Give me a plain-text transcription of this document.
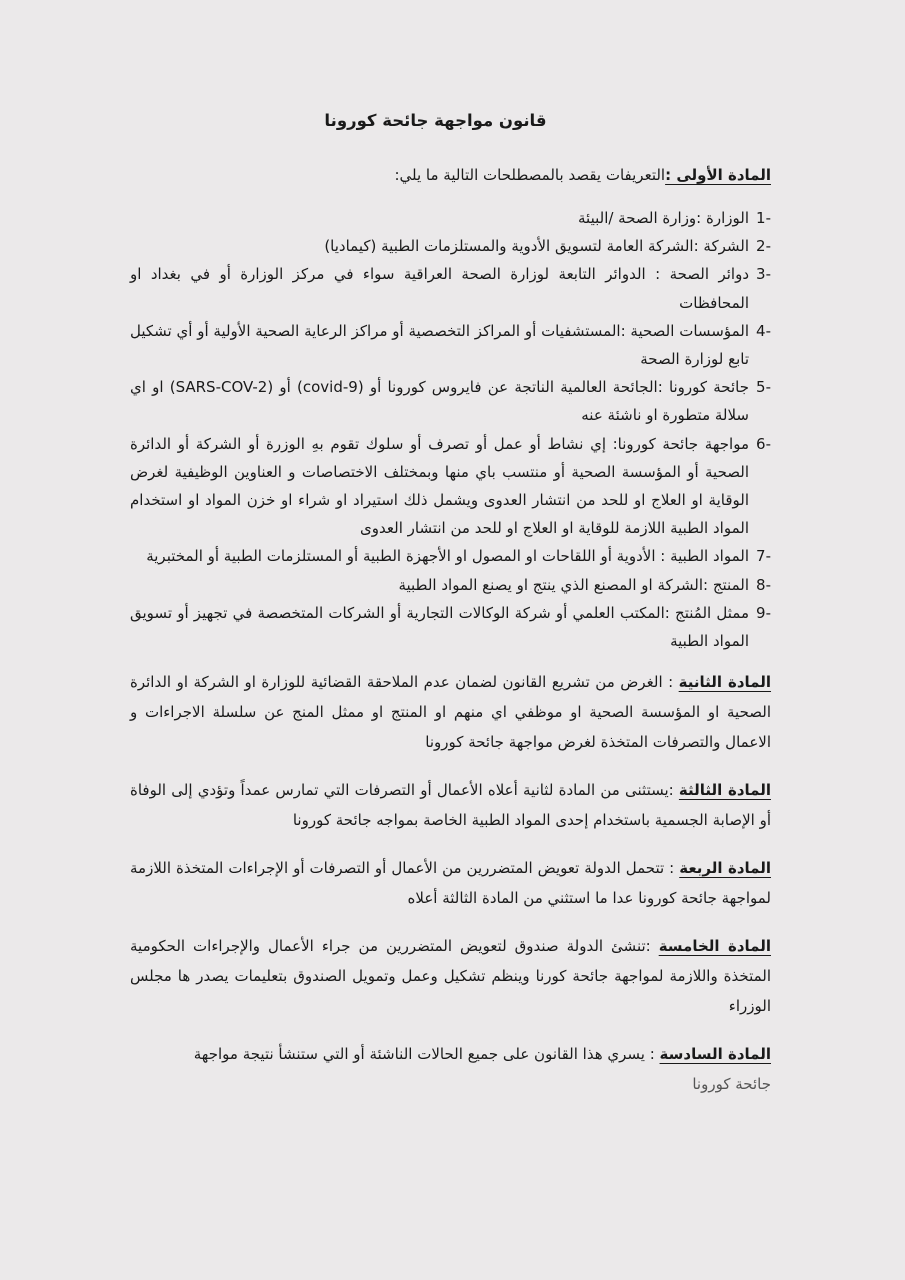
قانون مواجهة جائحة كورونا
المادة الأولى :التعريفات يقصد بالمصطلحات التالية ما يلي:
-1
الوزارة :وزارة الصحة /البيئة
-2
الشركة :الشركة العامة لتسويق الأدوية والمستلزمات الطبية (كيماديا)
-3
دوائر الصحة : الدوائر التابعة لوزارة الصحة العراقية سواء في مركز الوزارة أو في بغداد او المحافظات
-4
المؤسسات الصحية :المستشفيات أو المراكز التخصصية أو مراكز الرعاية الصحية الأولية أو أي تشكيل تابع لوزارة الصحة
-5
جائحة كورونا :الجائحة العالمية الناتجة عن فايروس كورونا أو (covid-9) أو (SARS-COV-2) او اي سلالة متطورة او ناشئة عنه
-6
مواجهة جائحة كورونا: إي نشاط أو عمل أو تصرف أو سلوك تقوم بهِ الوزرة أو الشركة أو الدائرة الصحية أو المؤسسة الصحية أو منتسب باي منها وبمختلف الاختصاصات و العناوين الوظيفية لغرض الوقاية او العلاج او للحد من انتشار العدوى ويشمل ذلك استيراد او شراء او خزن المواد او استخدام المواد الطبية اللازمة للوقاية او العلاج او للحد من انتشار العدوى
-7
المواد الطبية : الأدوية أو اللقاحات او المصول او الأجهزة الطبية أو المستلزمات الطبية أو المختبرية
-8
المنتج :الشركة او المصنع الذي ينتج او يصنع المواد الطبية
-9
ممثل المُنتج :المكتب العلمي أو شركة الوكالات التجارية أو الشركات المتخصصة في تجهيز أو تسويق المواد الطبية
المادة الثانية : الغرض من تشريع القانون لضمان عدم الملاحقة القضائية للوزارة او الشركة او الدائرة الصحية او المؤسسة الصحية او موظفي اي منهم او المنتج او ممثل المنج عن سلسلة الاجراءات و الاعمال والتصرفات المتخذة لغرض مواجهة جائحة كورونا
المادة الثالثة :يستثنى من المادة لثانية أعلاه الأعمال أو التصرفات التي تمارس عمداً وتؤدي إلى الوفاة أو الإصابة الجسمية باستخدام إحدى المواد الطبية الخاصة بمواجه جائحة كورونا
المادة الربعة : تتحمل الدولة تعويض المتضررين من الأعمال أو التصرفات أو الإجراءات المتخذة اللازمة لمواجهة جائحة كورونا عدا ما استثني من المادة الثالثة أعلاه
المادة الخامسة :تنشئ الدولة صندوق لتعويض المتضررين من جراء الأعمال والإجراءات الحكومية المتخذة واللازمة لمواجهة جائحة كورنا وينظم تشكيل وعمل وتمويل الصندوق بتعليمات يصدر ها مجلس الوزراء
المادة السادسة : يسري هذا القانون على جميع الحالات الناشئة أو التي ستنشأ نتيجة مواجهة
جائحة كورونا
